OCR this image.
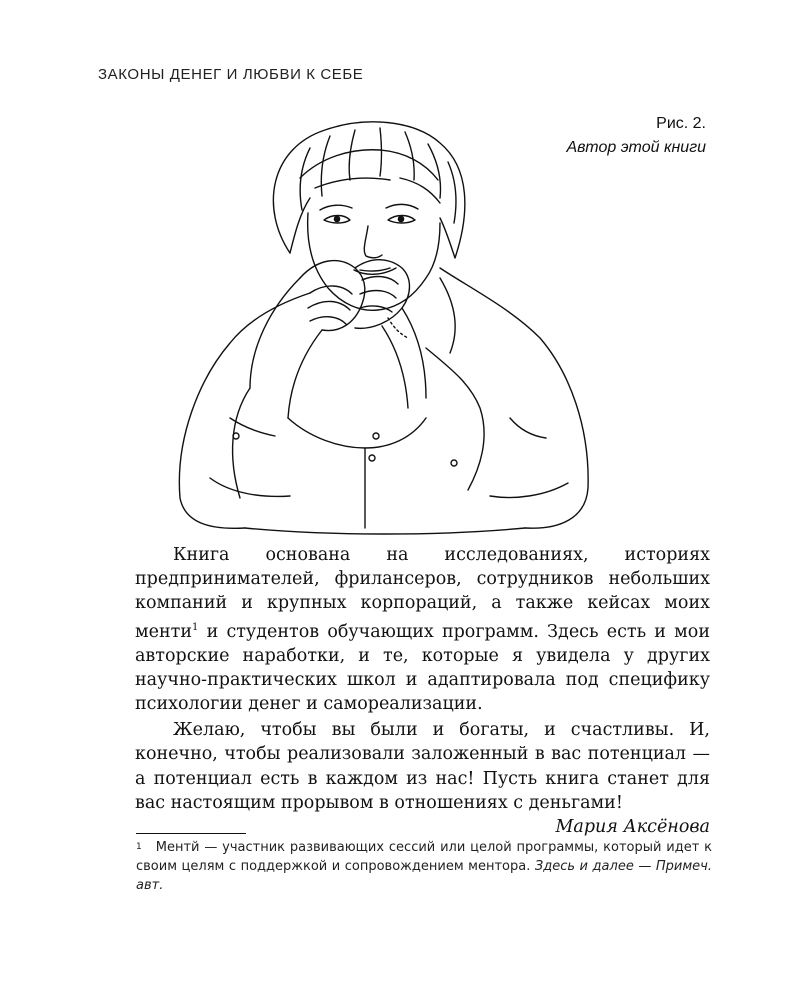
ЗАКОНЫ ДЕНЕГ И ЛЮБВИ К СЕБЕ
Рис. 2.
Автор этой книги

Книга основана на исследованиях, историях предпринимателей, фрилансеров, сотрудников небольших компаний и крупных корпораций, а также кейсах моих менти$^1$ и студентов обучающих программ. Здесь есть и мои авторские наработки, и те, которые я увидела у других научно-практических школ и адаптировала под специфику психологии денег и самореализации.

Желаю, чтобы вы были и богаты, и счастливы. И, конечно, чтобы реализовали заложенный в вас потенциал — а потенциал есть в каждом из нас! Пусть книга станет для вас настоящим прорывом в отношениях с деньгами!

Мария Аксёнова
$^1$ Ментй — участник развивающих сессий или целой программы, который идет к своим целям с поддержкой и сопровождением ментора. Здесь и далее — Примеч. авт.
